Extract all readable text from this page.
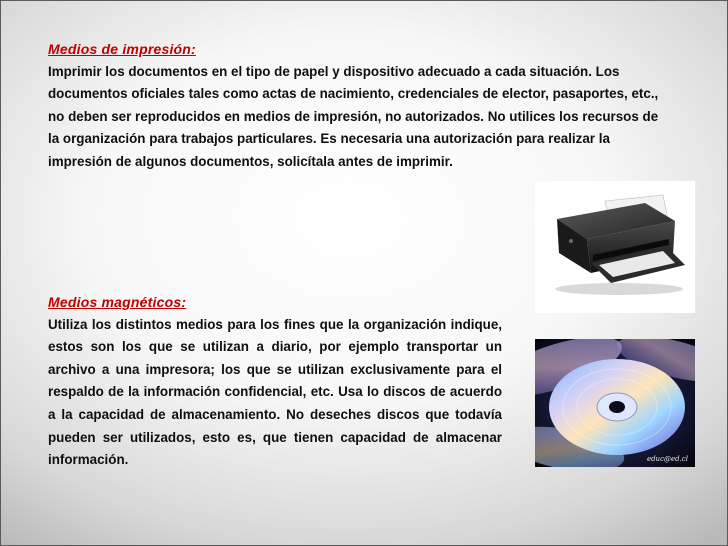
Medios de impresión:
Imprimir los documentos en el tipo de papel y dispositivo adecuado a cada situación. Los documentos oficiales tales como actas de nacimiento, credenciales de elector, pasaportes, etc., no deben ser reproducidos en medios de impresión, no autorizados. No utilices los recursos de la organización para trabajos particulares. Es necesaria una autorización para realizar la impresión de algunos documentos, solicítala antes de imprimir.
Medios magnéticos:
Utiliza los distintos medios para los fines que la organización indique, estos son los que se utilizan a diario, por ejemplo transportar un archivo a una impresora; los que se utilizan exclusivamente para el respaldo de la información confidencial, etc. Usa lo discos de acuerdo a la capacidad de almacenamiento. No deseches discos que todavía pueden ser utilizados, esto es, que tienen capacidad de almacenar información.	educ@ed.cl
